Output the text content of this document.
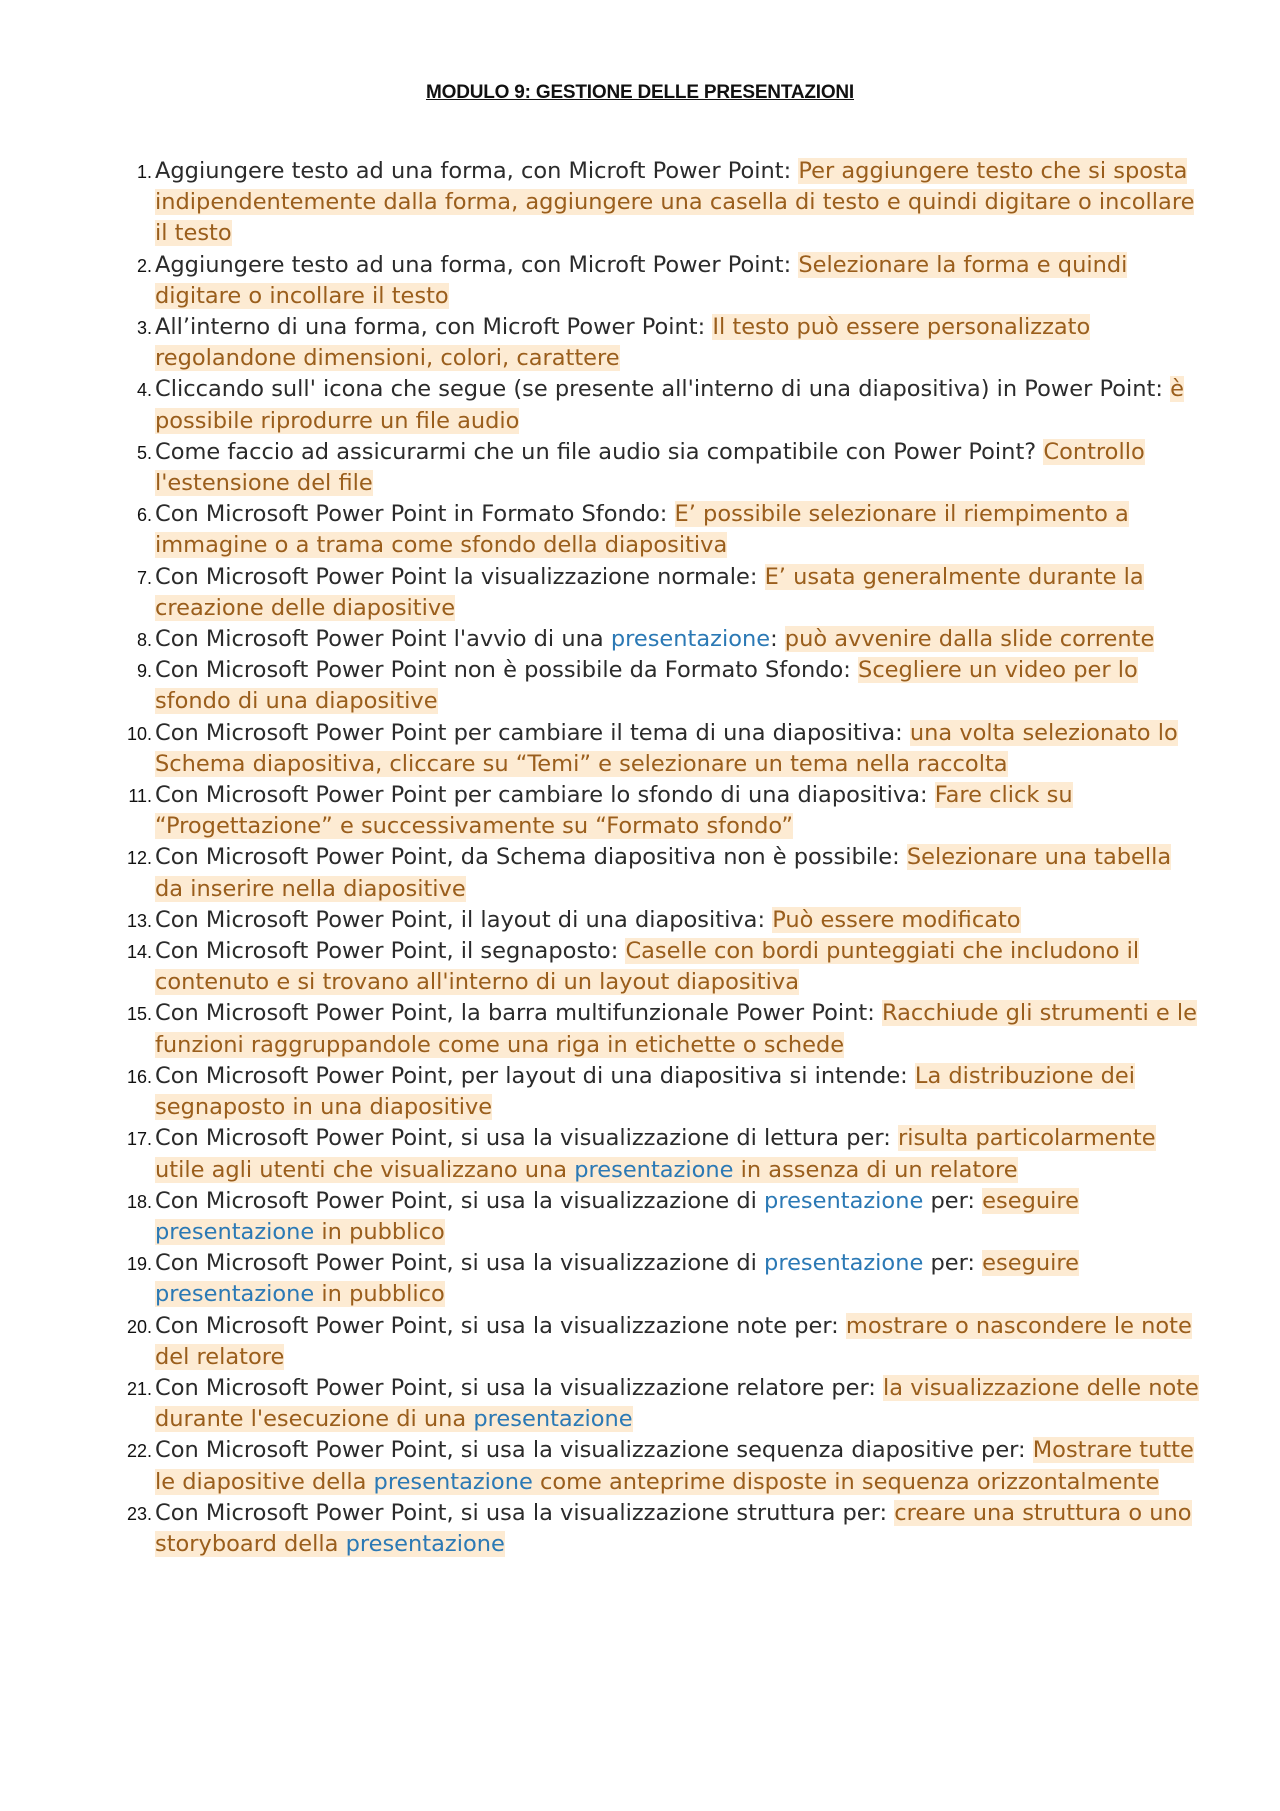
MODULO 9: GESTIONE DELLE PRESENTAZIONI
1. Aggiungere testo ad una forma, con Microft Power Point: Per aggiungere testo che si sposta indipendentemente dalla forma, aggiungere una casella di testo e quindi digitare o incollare il testo
2. Aggiungere testo ad una forma, con Microft Power Point: Selezionare la forma e quindi digitare o incollare il testo
3. All’interno di una forma, con Microft Power Point: Il testo può essere personalizzato regolandone dimensioni, colori, carattere
4. Cliccando sull' icona che segue (se presente all'interno di una diapositiva) in Power Point: è possibile riprodurre un file audio
5. Come faccio ad assicurarmi che un file audio sia compatibile con Power Point? Controllo l'estensione del file
6. Con Microsoft Power Point in Formato Sfondo: E’ possibile selezionare il riempimento a immagine o a trama come sfondo della diapositiva
7. Con Microsoft Power Point la visualizzazione normale: E’ usata generalmente durante la creazione delle diapositive
8. Con Microsoft Power Point l'avvio di una presentazione: può avvenire dalla slide corrente
9. Con Microsoft Power Point non è possibile da Formato Sfondo: Scegliere un video per lo sfondo di una diapositive
10. Con Microsoft Power Point per cambiare il tema di una diapositiva: una volta selezionato lo Schema diapositiva, cliccare su “Temi” e selezionare un tema nella raccolta
11. Con Microsoft Power Point per cambiare lo sfondo di una diapositiva: Fare click su “Progettazione” e successivamente su “Formato sfondo”
12. Con Microsoft Power Point, da Schema diapositiva non è possibile: Selezionare una tabella da inserire nella diapositive
13. Con Microsoft Power Point, il layout di una diapositiva: Può essere modificato
14. Con Microsoft Power Point, il segnaposto: Caselle con bordi punteggiati che includono il contenuto e si trovano all'interno di un layout diapositiva
15. Con Microsoft Power Point, la barra multifunzionale Power Point: Racchiude gli strumenti e le funzioni raggruppandole come una riga in etichette o schede
16. Con Microsoft Power Point, per layout di una diapositiva si intende: La distribuzione dei segnaposto in una diapositive
17. Con Microsoft Power Point, si usa la visualizzazione di lettura per: risulta particolarmente utile agli utenti che visualizzano una presentazione in assenza di un relatore
18. Con Microsoft Power Point, si usa la visualizzazione di presentazione per: eseguire presentazione in pubblico
19. Con Microsoft Power Point, si usa la visualizzazione di presentazione per: eseguire presentazione in pubblico
20. Con Microsoft Power Point, si usa la visualizzazione note per: mostrare o nascondere le note del relatore
21. Con Microsoft Power Point, si usa la visualizzazione relatore per: la visualizzazione delle note durante l'esecuzione di una presentazione
22. Con Microsoft Power Point, si usa la visualizzazione sequenza diapositive per: Mostrare tutte le diapositive della presentazione come anteprime disposte in sequenza orizzontalmente
23. Con Microsoft Power Point, si usa la visualizzazione struttura per: creare una struttura o uno storyboard della presentazione
